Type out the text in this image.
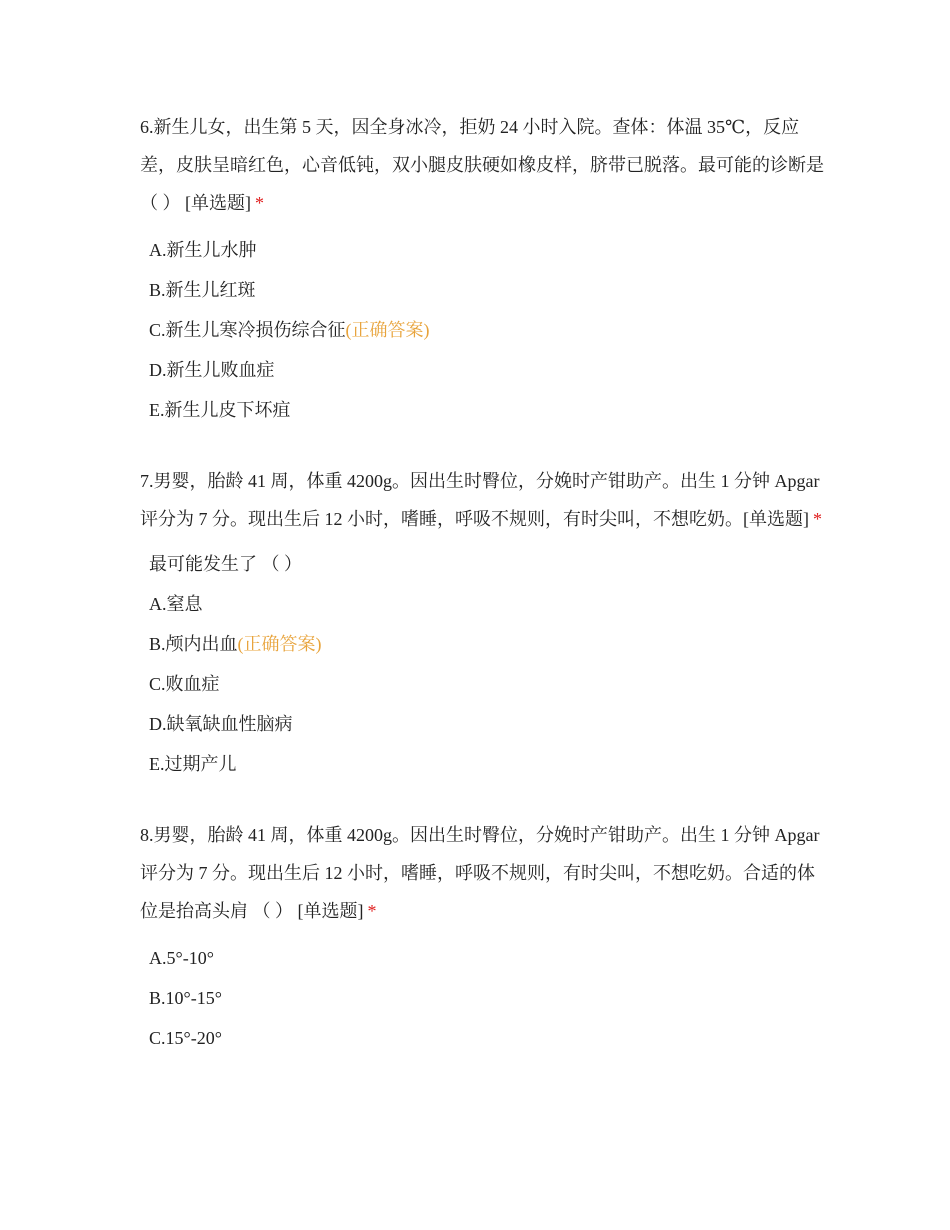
6.新生儿女，出生第 5 天，因全身冰冷，拒奶 24 小时入院。查体：体温 35℃，反应差，皮肤呈暗红色，心音低钝，双小腿皮肤硬如橡皮样，脐带已脱落。最可能的诊断是 （ ） [单选题] *

A.新生儿水肿
B.新生儿红斑
C.新生儿寒冷损伤综合征(正确答案)
D.新生儿败血症
E.新生儿皮下坏疽

7.男婴，胎龄 41 周，体重 4200g。因出生时臀位，分娩时产钳助产。出生 1 分钟 Apgar 评分为 7 分。现出生后 12 小时，嗜睡，呼吸不规则，有时尖叫，不想吃奶。[单选题] *

最可能发生了 （ ）

A.窒息
B.颅内出血(正确答案)
C.败血症
D.缺氧缺血性脑病
E.过期产儿

8.男婴，胎龄 41 周，体重 4200g。因出生时臀位，分娩时产钳助产。出生 1 分钟 Apgar 评分为 7 分。现出生后 12 小时，嗜睡，呼吸不规则，有时尖叫，不想吃奶。合适的体位是抬高头肩 （ ） [单选题] *

A.5°-10°
B.10°-15°
C.15°-20°
